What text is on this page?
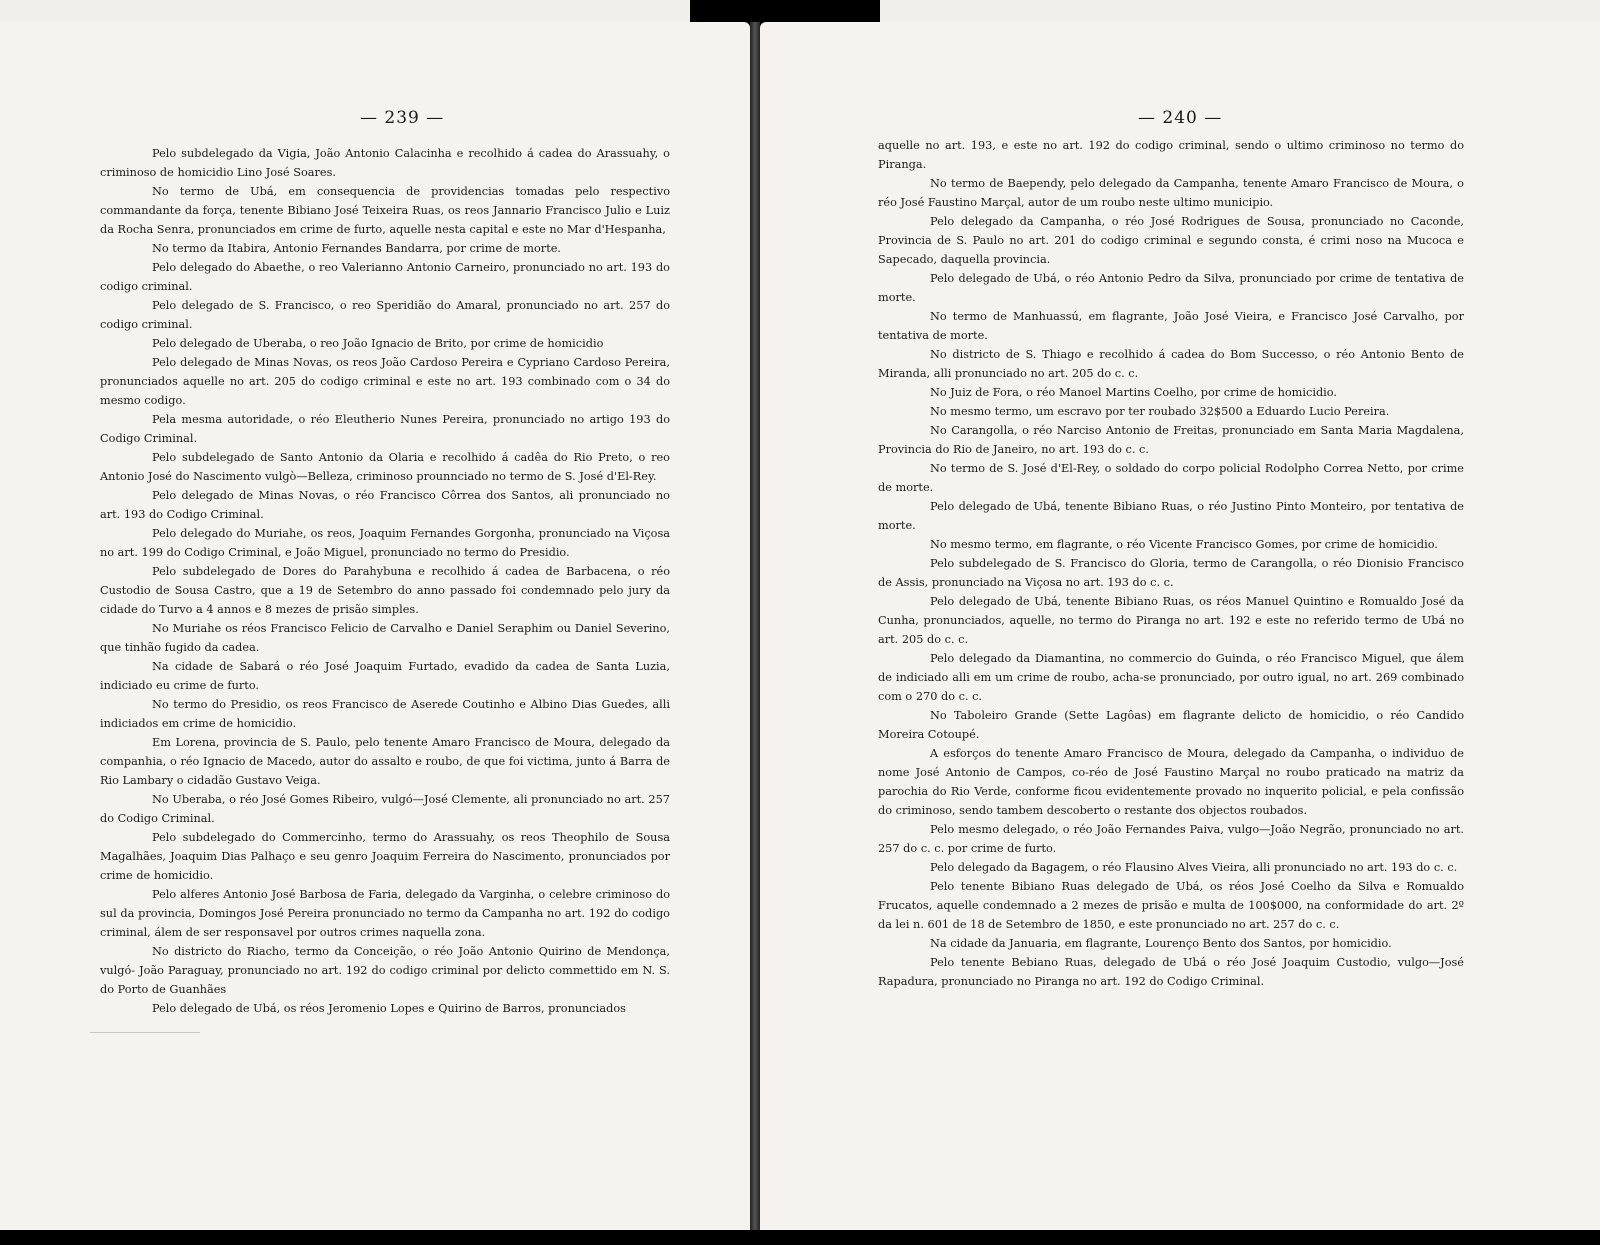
— 239 —

Pelo subdelegado da Vigia, João Antonio Calacinha e recolhido á cadea do Arassuahy, o criminoso de homicidio Lino José Soares.

No termo de Ubá, em consequencia de providencias tomadas pelo respectivo commandante da força, tenente Bibiano José Teixeira Ruas, os reos Jannario Francisco Julio e Luiz da Rocha Senra, pronunciados em crime de furto, aquelle nesta capital e este no Mar d'Hespanha,

No termo da Itabira, Antonio Fernandes Bandarra, por crime de morte.

Pelo delegado do Abaethe, o reo Valerianno Antonio Carneiro, pronunciado no art. 193 do codigo criminal.

Pelo delegado de S. Francisco, o reo Speridião do Amaral, pronunciado no art. 257 do codigo criminal.

Pelo delegado de Uberaba, o reo João Ignacio de Brito, por crime de homicidio

Pelo delegado de Minas Novas, os reos João Cardoso Pereira e Cypriano Cardoso Pereira, pronunciados aquelle no art. 205 do codigo criminal e este no art. 193 combinado com o 34 do mesmo codigo.

Pela mesma autoridade, o réo Eleutherio Nunes Pereira, pronunciado no artigo 193 do Codigo Criminal.

Pelo subdelegado de Santo Antonio da Olaria e recolhido á cadêa do Rio Preto, o reo Antonio José do Nascimento vulgò—Belleza, criminoso prounnciado no termo de S. José d'El-Rey.

Pelo delegado de Minas Novas, o réo Francisco Côrrea dos Santos, ali pronunciado no art. 193 do Codigo Criminal.

Pelo delegado do Muriahe, os reos, Joaquim Fernandes Gorgonha, pronunciado na Viçosa no art. 199 do Codigo Criminal, e João Miguel, pronunciado no termo do Presidio.

Pelo subdelegado de Dores do Parahybuna e recolhido á cadea de Barbacena, o réo Custodio de Sousa Castro, que a 19 de Setembro do anno passado foi condemnado pelo jury da cidade do Turvo a 4 annos e 8 mezes de prisão simples.

No Muriahe os réos Francisco Felicio de Carvalho e Daniel Seraphim ou Daniel Severino, que tinhão fugido da cadea.

Na cidade de Sabará o réo José Joaquim Furtado, evadido da cadea de Santa Luzia, indiciado eu crime de furto.

No termo do Presidio, os reos Francisco de Aserede Coutinho e Albino Dias Guedes, alli indiciados em crime de homicidio.

Em Lorena, provincia de S. Paulo, pelo tenente Amaro Francisco de Moura, delegado da companhia, o réo Ignacio de Macedo, autor do assalto e roubo, de que foi victima, junto á Barra de Rio Lambary o cidadão Gustavo Veiga.

No Uberaba, o réo José Gomes Ribeiro, vulgó—José Clemente, ali pronunciado no art. 257 do Codigo Criminal.

Pelo subdelegado do Commercinho, termo do Arassuahy, os reos Theophilo de Sousa Magalhães, Joaquim Dias Palhaço e seu genro Joaquim Ferreira do Nascimento, pronunciados por crime de homicidio.

Pelo alferes Antonio José Barbosa de Faria, delegado da Varginha, o celebre criminoso do sul da provincia, Domingos José Pereira pronunciado no termo da Campanha no art. 192 do codigo criminal, álem de ser responsavel por outros crimes naquella zona.

No districto do Riacho, termo da Conceição, o réo João Antonio Quirino de Mendonça, vulgó- João Paraguay, pronunciado no art. 192 do codigo criminal por delicto commettido em N. S. do Porto de Guanhães

Pelo delegado de Ubá, os réos Jeromenio Lopes e Quirino de Barros, pronunciados

— 240 —

aquelle no art. 193, e este no art. 192 do codigo criminal, sendo o ultimo criminoso no termo do Piranga.

No termo de Baependy, pelo delegado da Campanha, tenente Amaro Francisco de Moura, o réo José Faustino Marçal, autor de um roubo neste ultimo municipio.

Pelo delegado da Campanha, o réo José Rodrigues de Sousa, pronunciado no Caconde, Provincia de S. Paulo no art. 201 do codigo criminal e segundo consta, é crimi noso na Mucoca e Sapecado, daquella provincia.

Pelo delegado de Ubá, o réo Antonio Pedro da Silva, pronunciado por crime de tentativa de morte.

No termo de Manhuassú, em flagrante, João José Vieira, e Francisco José Carvalho, por tentativa de morte.

No districto de S. Thiago e recolhido á cadea do Bom Successo, o réo Antonio Bento de Miranda, alli pronunciado no art. 205 do c. c.

No Juiz de Fora, o réo Manoel Martins Coelho, por crime de homicidio.

No mesmo termo, um escravo por ter roubado 32$500 a Eduardo Lucio Pereira.

No Carangolla, o réo Narciso Antonio de Freitas, pronunciado em Santa Maria Magdalena, Provincia do Rio de Janeiro, no art. 193 do c. c.

No termo de S. José d'El-Rey, o soldado do corpo policial Rodolpho Correa Netto, por crime de morte.

Pelo delegado de Ubá, tenente Bibiano Ruas, o réo Justino Pinto Monteiro, por tentativa de morte.

No mesmo termo, em flagrante, o réo Vicente Francisco Gomes, por crime de homicidio.

Pelo subdelegado de S. Francisco do Gloria, termo de Carangolla, o réo Dionisio Francisco de Assis, pronunciado na Viçosa no art. 193 do c. c.

Pelo delegado de Ubá, tenente Bibiano Ruas, os réos Manuel Quintino e Romualdo José da Cunha, pronunciados, aquelle, no termo do Piranga no art. 192 e este no referido termo de Ubá no art. 205 do c. c.

Pelo delegado da Diamantina, no commercio do Guinda, o réo Francisco Miguel, que álem de indiciado alli em um crime de roubo, acha-se pronunciado, por outro igual, no art. 269 combinado com o 270 do c. c.

No Taboleiro Grande (Sette Lagôas) em flagrante delicto de homicidio, o réo Candido Moreira Cotoupé.

A esforços do tenente Amaro Francisco de Moura, delegado da Campanha, o individuo de nome José Antonio de Campos, co-réo de José Faustino Marçal no roubo praticado na matriz da parochia do Rio Verde, conforme ficou evidentemente provado no inquerito policial, e pela confissão do criminoso, sendo tambem descoberto o restante dos objectos roubados.

Pelo mesmo delegado, o réo João Fernandes Paiva, vulgo—João Negrão, pronunciado no art. 257 do c. c. por crime de furto.

Pelo delegado da Bagagem, o réo Flausino Alves Vieira, alli pronunciado no art. 193 do c. c.

Pelo tenente Bibiano Ruas delegado de Ubá, os réos José Coelho da Silva e Romualdo Frucatos, aquelle condemnado a 2 mezes de prisão e multa de 100$000, na conformidade do art. 2º da lei n. 601 de 18 de Setembro de 1850, e este pronunciado no art. 257 do c. c.

Na cidade da Januaria, em flagrante, Lourenço Bento dos Santos, por homicidio.

Pelo tenente Bebiano Ruas, delegado de Ubá o réo José Joaquim Custodio, vulgo—José Rapadura, pronunciado no Piranga no art. 192 do Codigo Criminal.
